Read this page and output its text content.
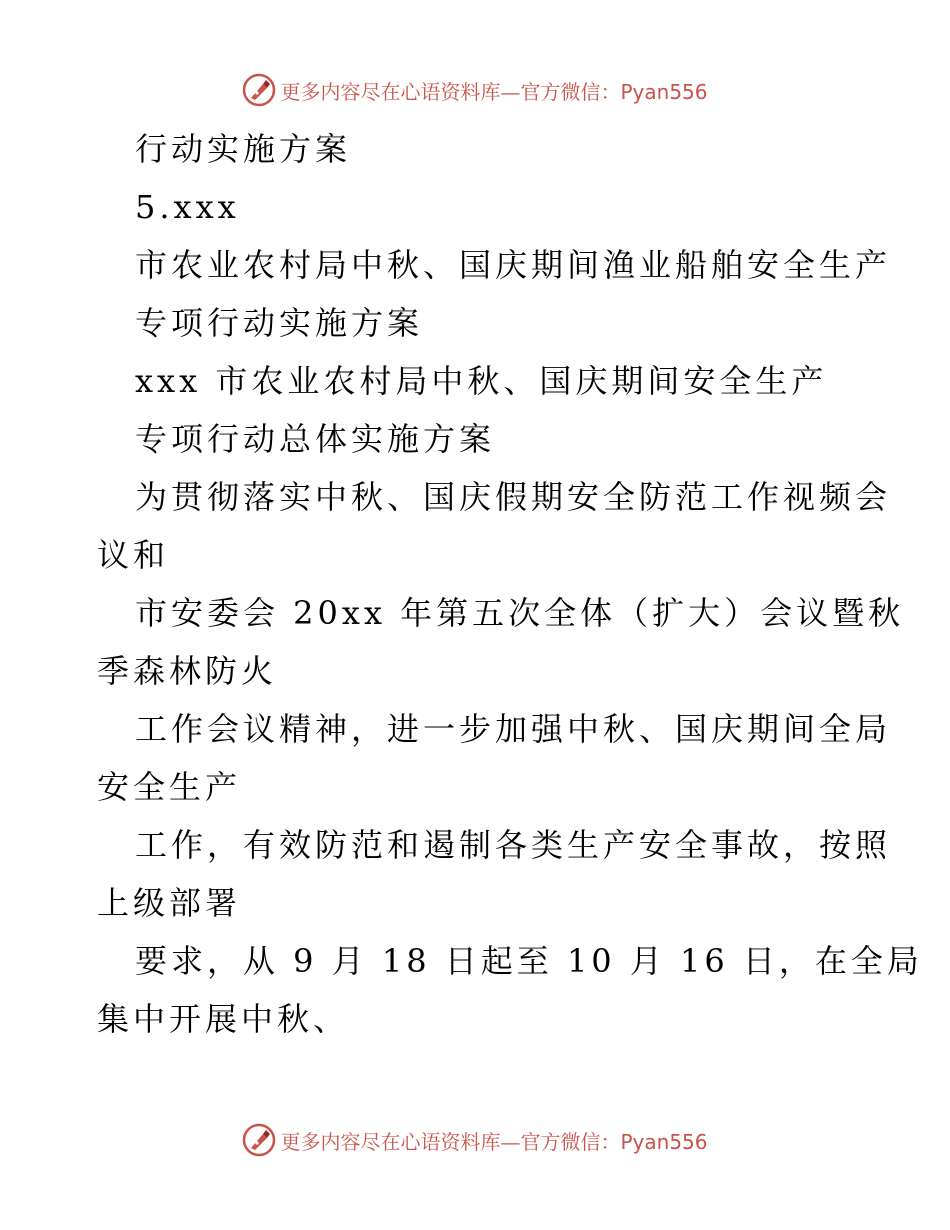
更多内容尽在心语资料库—官方微信：Pyan556
行动实施方案
5.xxx
市农业农村局中秋、国庆期间渔业船舶安全生产
专项行动实施方案
xxx 市农业农村局中秋、国庆期间安全生产
专项行动总体实施方案
为贯彻落实中秋、国庆假期安全防范工作视频会
议和
市安委会 20xx 年第五次全体（扩大）会议暨秋
季森林防火
工作会议精神，进一步加强中秋、国庆期间全局
安全生产
工作，有效防范和遏制各类生产安全事故，按照
上级部署
要求，从 9 月 18 日起至 10 月 16 日，在全局
集中开展中秋、
更多内容尽在心语资料库—官方微信：Pyan556
